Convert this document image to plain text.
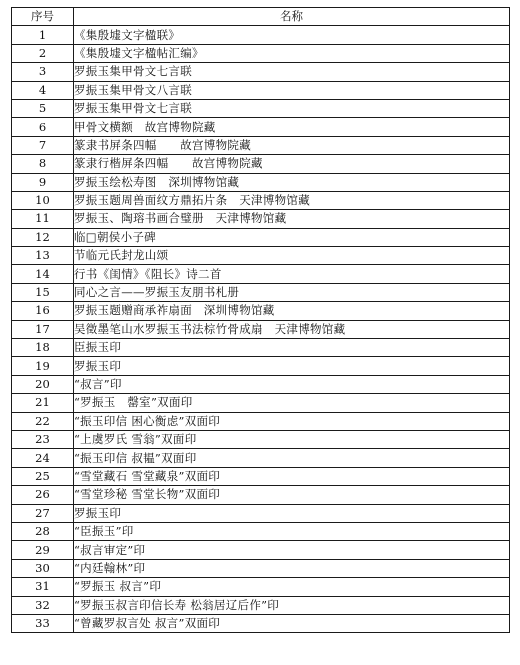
序号	名称
1	《集殷墟文字楹联》
2	《集殷墟文字楹帖汇编》
3	罗振玉集甲骨文七言联
4	罗振玉集甲骨文八言联
5	罗振玉集甲骨文七言联
6	甲骨文横额　故宫博物院藏
7	篆隶书屏条四幅　　故宫博物院藏
8	篆隶行楷屏条四幅　　故宫博物院藏
9	罗振玉绘松寿图　深圳博物馆藏
10	罗振玉题周兽面纹方鼎拓片条　天津博物馆藏
11	罗振玉、陶瑢书画合璧册　天津博物馆藏
12	临□朝侯小子碑
13	节临元氏封龙山颂
14	行书《闺情》《阻长》诗二首
15	同心之言——罗振玉友朋书札册
16	罗振玉题赠商承祚扇面　深圳博物馆藏
17	吴徵墨笔山水罗振玉书法棕竹骨成扇　天津博物馆藏
18	臣振玉印
19	罗振玉印
20	“叔言”印
21	“罗振玉　罄室”双面印
22	“振玉印信 困心衡虑”双面印
23	“上虞罗氏 雪翁”双面印
24	“振玉印信 叔韫”双面印
25	“雪堂藏石 雪堂藏泉”双面印
26	“雪堂珍秘 雪堂长物”双面印
27	罗振玉印
28	“臣振玉”印
29	“叔言审定”印
30	“内廷翰林”印
31	“罗振玉 叔言”印
32	“罗振玉叔言印信长寿 松翁居辽后作”印
33	“曾藏罗叔言处 叔言”双面印
